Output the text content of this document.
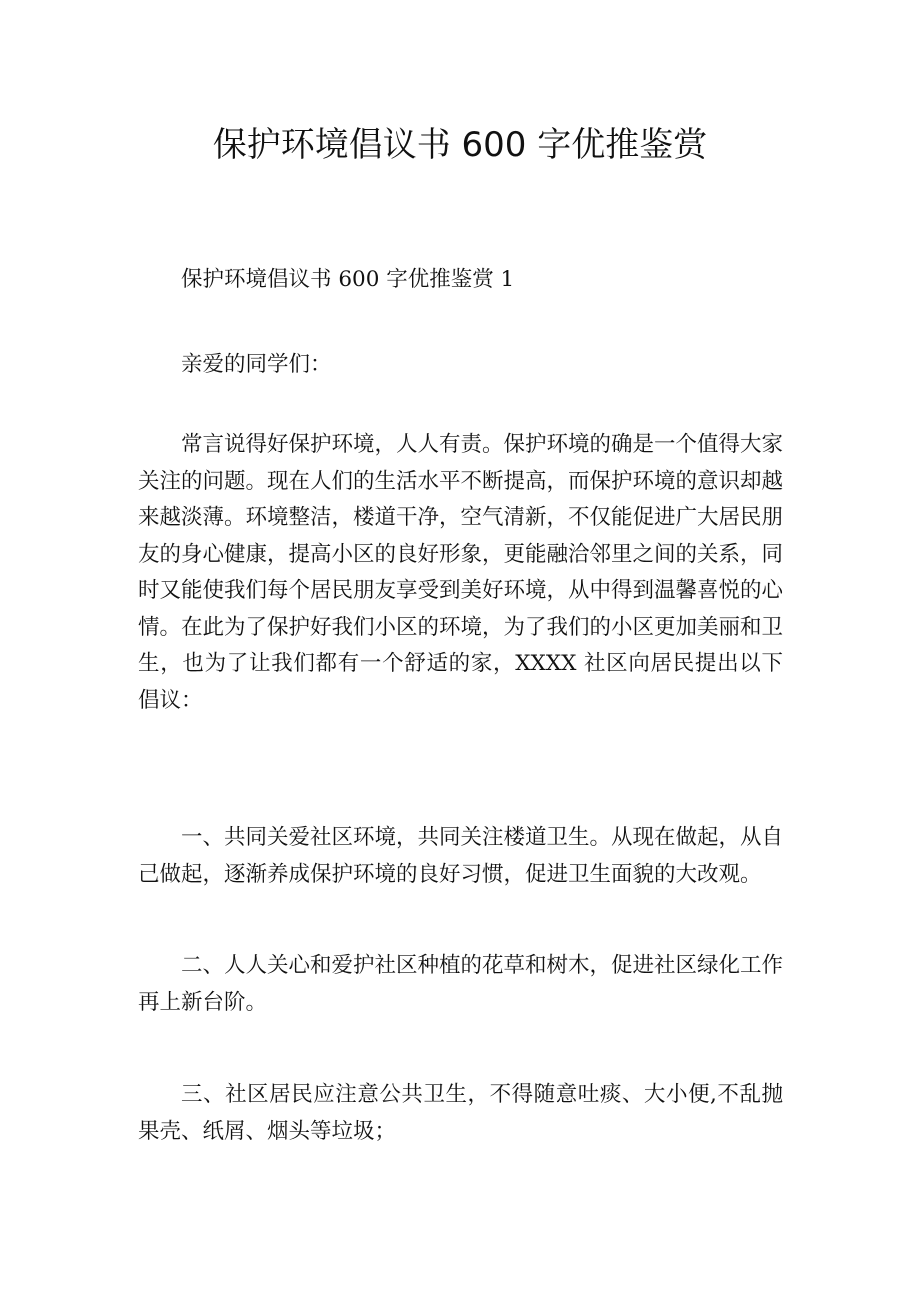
保护环境倡议书 600 字优推鉴赏

保护环境倡议书 600 字优推鉴赏 1

亲爱的同学们：

常言说得好保护环境，人人有责。保护环境的确是一个值得大家关注的问题。现在人们的生活水平不断提高，而保护环境的意识却越来越淡薄。环境整洁，楼道干净，空气清新，不仅能促进广大居民朋友的身心健康，提高小区的良好形象，更能融洽邻里之间的关系，同时又能使我们每个居民朋友享受到美好环境，从中得到温馨喜悦的心情。在此为了保护好我们小区的环境，为了我们的小区更加美丽和卫生，也为了让我们都有一个舒适的家，XXXX 社区向居民提出以下倡议：

一、共同关爱社区环境，共同关注楼道卫生。从现在做起，从自己做起，逐渐养成保护环境的良好习惯，促进卫生面貌的大改观。

二、人人关心和爱护社区种植的花草和树木，促进社区绿化工作再上新台阶。

三、社区居民应注意公共卫生，不得随意吐痰、大小便,不乱抛果壳、纸屑、烟头等垃圾；
